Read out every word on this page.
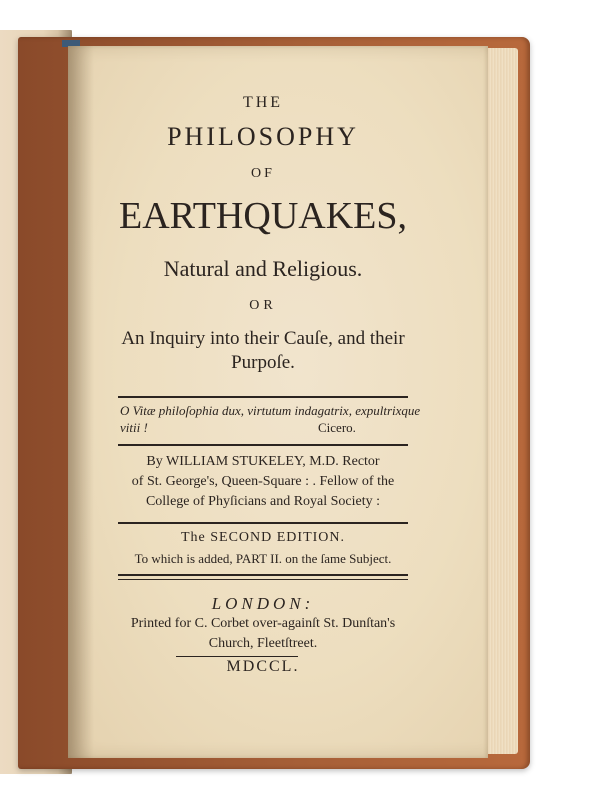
THE
PHILOSOPHY
OF
EARTHQUAKES,
Natural and Religious.
OR
An Inquiry into their Cauſe, and their
Purpoſe.
O Vitæ philoſophia dux, virtutum indagatrix, expultrixque
vitii !	Cicero.
By WILLIAM STUKELEY, M.D. Rector
of St. George's, Queen-Square : . Fellow of the
College of Phyſicians and Royal Society :
The SECOND EDITION.
To which is added, PART II. on the ſame Subject.
LONDON:
Printed for C. Corbet over-againſt St. Dunſtan's
Church, Fleetſtreet.
MDCCL.
